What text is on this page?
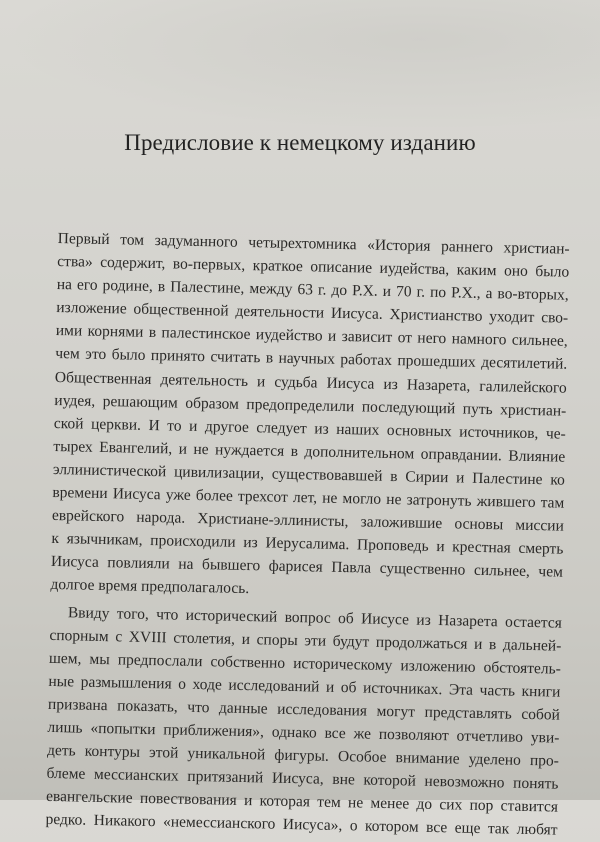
Предисловие к немецкому изданию
Первый том задуманного четырехтомника «История раннего христиан-
ства» содержит, во-первых, краткое описание иудейства, каким оно было
на его родине, в Палестине, между 63 г. до Р.Х. и 70 г. по Р.Х., а во-вторых,
изложение общественной деятельности Иисуса. Христианство уходит сво-
ими корнями в палестинское иудейство и зависит от него намного сильнее,
чем это было принято считать в научных работах прошедших десятилетий.
Общественная деятельность и судьба Иисуса из Назарета, галилейского
иудея, решающим образом предопределили последующий путь христиан-
ской церкви. И то и другое следует из наших основных источников, че-
тырех Евангелий, и не нуждается в дополнительном оправдании. Влияние
эллинистической цивилизации, существовавшей в Сирии и Палестине ко
времени Иисуса уже более трехсот лет, не могло не затронуть жившего там
еврейского народа. Христиане-эллинисты, заложившие основы миссии
к язычникам, происходили из Иерусалима. Проповедь и крестная смерть
Иисуса повлияли на бывшего фарисея Павла существенно сильнее, чем
долгое время предполагалось.
Ввиду того, что исторический вопрос об Иисусе из Назарета остается
спорным с XVIII столетия, и споры эти будут продолжаться и в дальней-
шем, мы предпослали собственно историческому изложению обстоятель-
ные размышления о ходе исследований и об источниках. Эта часть книги
призвана показать, что данные исследования могут представлять собой
лишь «попытки приближения», однако все же позволяют отчетливо уви-
деть контуры этой уникальной фигуры. Особое внимание уделено про-
блеме мессианских притязаний Иисуса, вне которой невозможно понять
евангельские повествования и которая тем не менее до сих пор ставится
редко. Никакого «немессианского Иисуса», о котором все еще так любят
